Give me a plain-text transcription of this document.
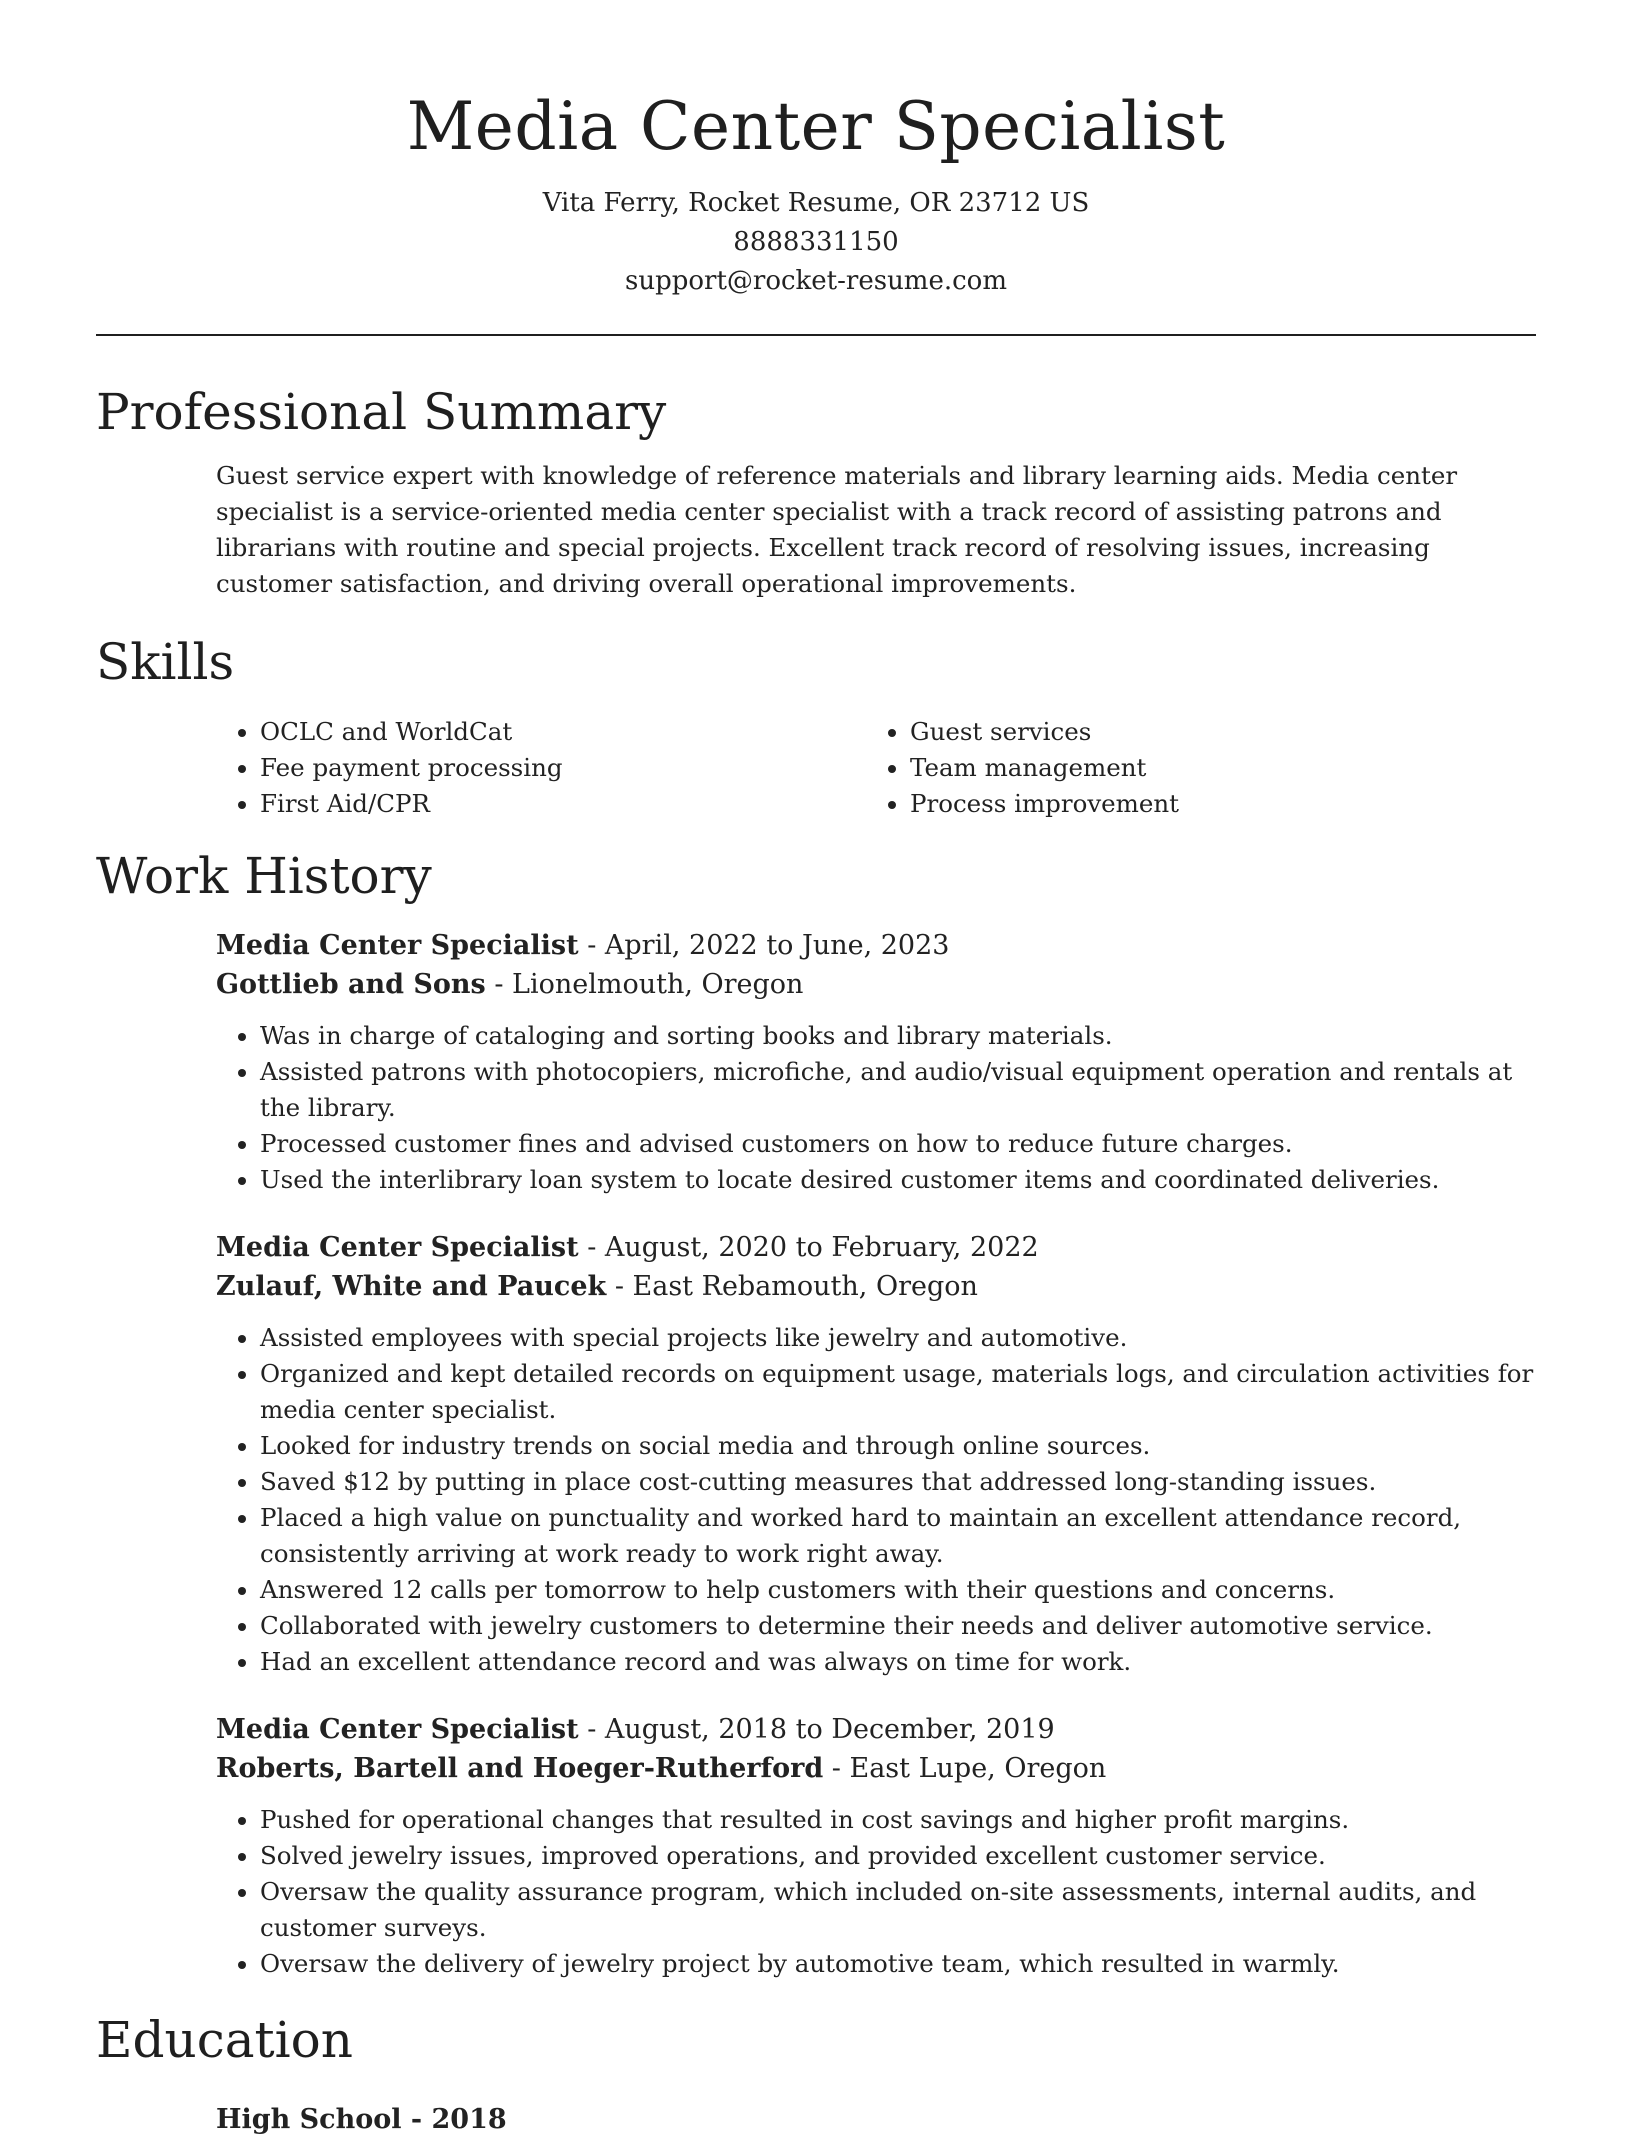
Media Center Specialist
Vita Ferry, Rocket Resume, OR 23712 US
8888331150
support@rocket-resume.com
Professional Summary

Guest service expert with knowledge of reference materials and library learning aids. Media center specialist is a service-oriented media center specialist with a track record of assisting patrons and librarians with routine and special projects. Excellent track record of resolving issues, increasing customer satisfaction, and driving overall operational improvements.

Skills
• OCLC and WorldCat
• Fee payment processing
• First Aid/CPR
• Guest services
• Team management
• Process improvement
Work History
Media Center Specialist - April, 2022 to June, 2023
Gottlieb and Sons - Lionelmouth, Oregon
• Was in charge of cataloging and sorting books and library materials.
• Assisted patrons with photocopiers, microfiche, and audio/visual equipment operation and rentals at the library.
• Processed customer fines and advised customers on how to reduce future charges.
• Used the interlibrary loan system to locate desired customer items and coordinated deliveries.
Media Center Specialist - August, 2020 to February, 2022
Zulauf, White and Paucek - East Rebamouth, Oregon
• Assisted employees with special projects like jewelry and automotive.
• Organized and kept detailed records on equipment usage, materials logs, and circulation activities for media center specialist.
• Looked for industry trends on social media and through online sources.
• Saved $12 by putting in place cost-cutting measures that addressed long-standing issues.
• Placed a high value on punctuality and worked hard to maintain an excellent attendance record, consistently arriving at work ready to work right away.
• Answered 12 calls per tomorrow to help customers with their questions and concerns.
• Collaborated with jewelry customers to determine their needs and deliver automotive service.
• Had an excellent attendance record and was always on time for work.
Media Center Specialist - August, 2018 to December, 2019
Roberts, Bartell and Hoeger-Rutherford - East Lupe, Oregon
• Pushed for operational changes that resulted in cost savings and higher profit margins.
• Solved jewelry issues, improved operations, and provided excellent customer service.
• Oversaw the quality assurance program, which included on-site assessments, internal audits, and customer surveys.
• Oversaw the delivery of jewelry project by automotive team, which resulted in warmly.
Education
High School - 2018
